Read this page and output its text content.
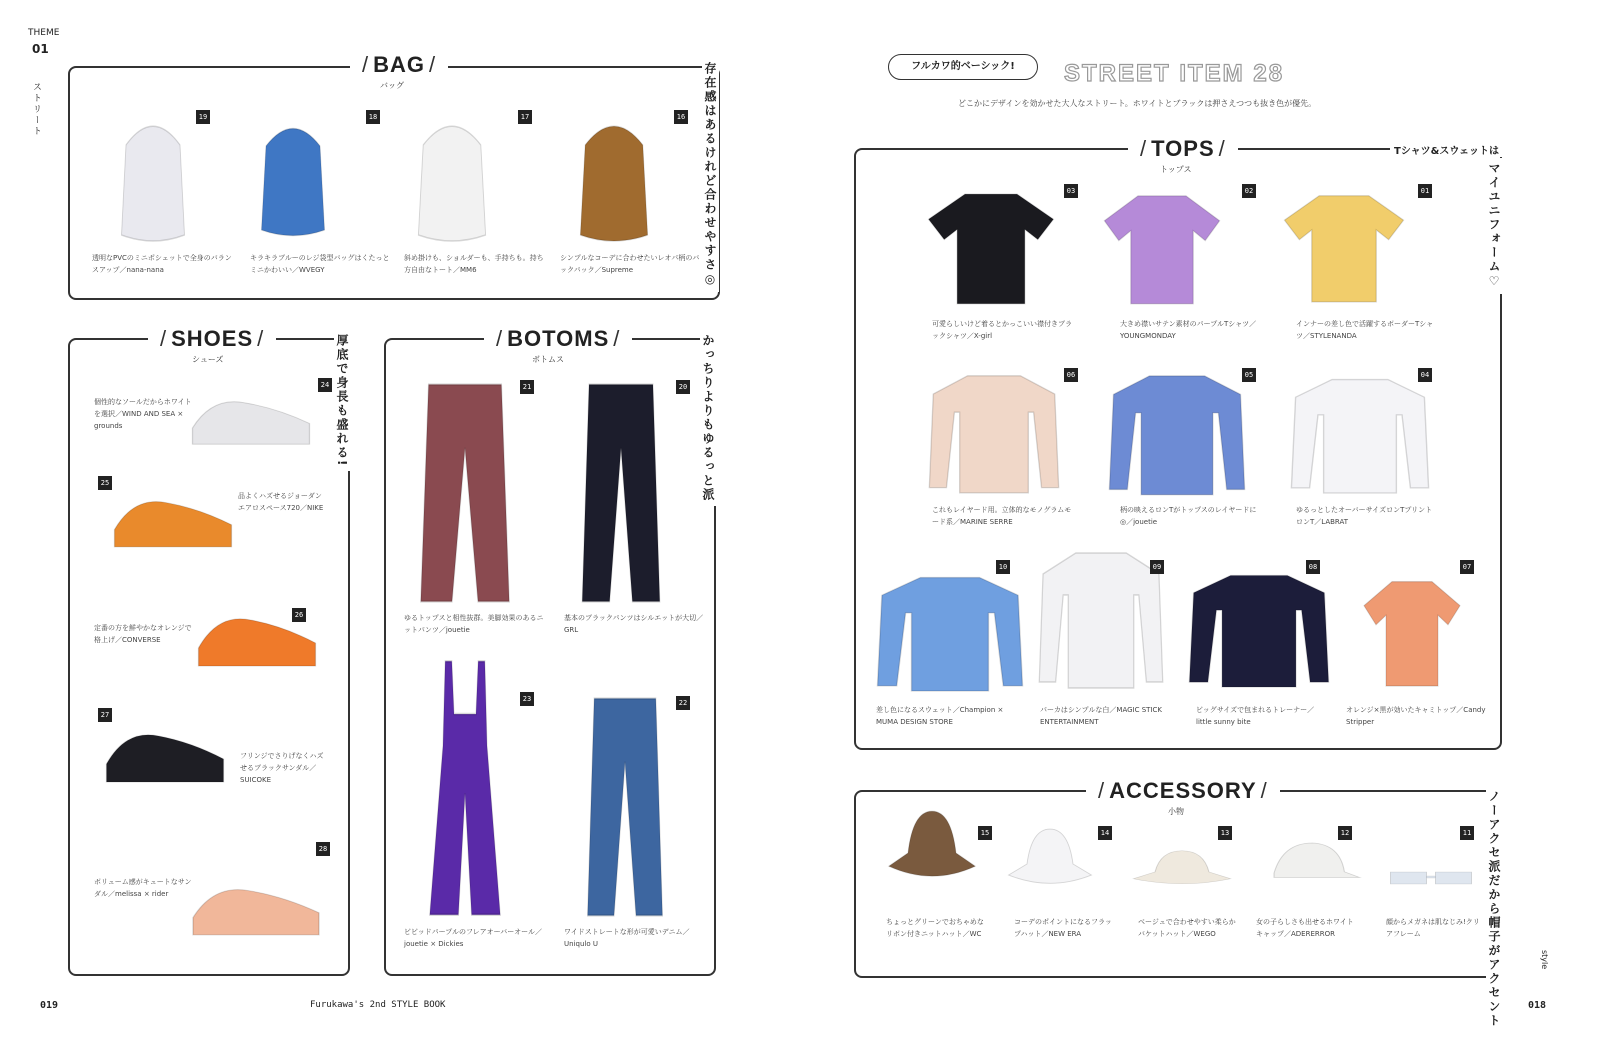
THEME
01
ストリート
/ BAG /
バッグ	存在感はあるけれど合わせやすさ◎
/ SHOES /
シューズ	厚底で身長も盛れる!	/ BOTOMS /
ボトムス	かっちりよりもゆるっと派
019	Furukawa's 2nd STYLE BOOK
フルカワ的ベーシック!	STREET ITEM 28
どこかにデザインを効かせた大人なストリート。ホワイトとブラックは押さえつつも抜き色が優先。
/ TOPS /
トップス
Tシャツ&スウェットは
マイユニフォーム♡
/ ACCESSORY /
小物	ノーアクセ派だから帽子がアクセント	018
style
19
透明なPVCのミニポシェットで全身のバランスアップ／nana-nana
18
キラキラブルーのレジ袋型バッグはくたっとミニかわいい／WVEGY
17
斜め掛けも、ショルダーも、手持ちも。持ち方自由なトート／MM6
16
シンプルなコーデに合わせたいレオパ柄のバックパック／Supreme
24
個性的なソールだからホワイトを選択／WIND AND SEA × grounds
25
品よくハズせるジョーダンエアロスペース720／NIKE
26
定番の方を鮮やかなオレンジで格上げ／CONVERSE
27
フリンジでさりげなくハズせるブラックサンダル／SUICOKE
28
ボリューム感がキュートなサンダル／melissa × rider
21
ゆるトップスと相性抜群。美脚効果のあるニットパンツ／jouetie
20
基本のブラックパンツはシルエットが大切／GRL
23
ビビッドパープルのフレアオーバーオール／jouetie × Dickies
22
ワイドストレートな形が可愛いデニム／Uniqulo U
03
可愛らしいけど着るとかっこいい襟付きブラックシャツ／X-girl
02
大きめ襟いサテン素材のパープルTシャツ／YOUNGMONDAY
01
インナーの差し色で活躍するボーダーTシャツ／STYLENANDA
06
これもレイヤード用。立体的なモノグラムモード系／MARINE SERRE
05
柄の映えるロンTがトップスのレイヤードに◎／jouetie
04
ゆるっとしたオーバーサイズロンTプリントロンT／LABRAT
10
差し色になるスウェット／Champion × MUMA DESIGN STORE
09
パーカはシンプルな白／MAGIC STICK ENTERTAINMENT
08
ビッグサイズで包まれるトレーナー／little sunny bite
07
オレンジ×黒が効いたキャミトップ／Candy Stripper
15
ちょっとグリーンでおちゃめなリボン付きニットハット／WC
14
コーデのポイントになるフラップハット／NEW ERA
13
ベージュで合わせやすい柔らかバケットハット／WEGO
12
女の子らしさも出せるホワイトキャップ／ADERERROR
11
顔からメガネは肌なじみ!クリアフレーム
